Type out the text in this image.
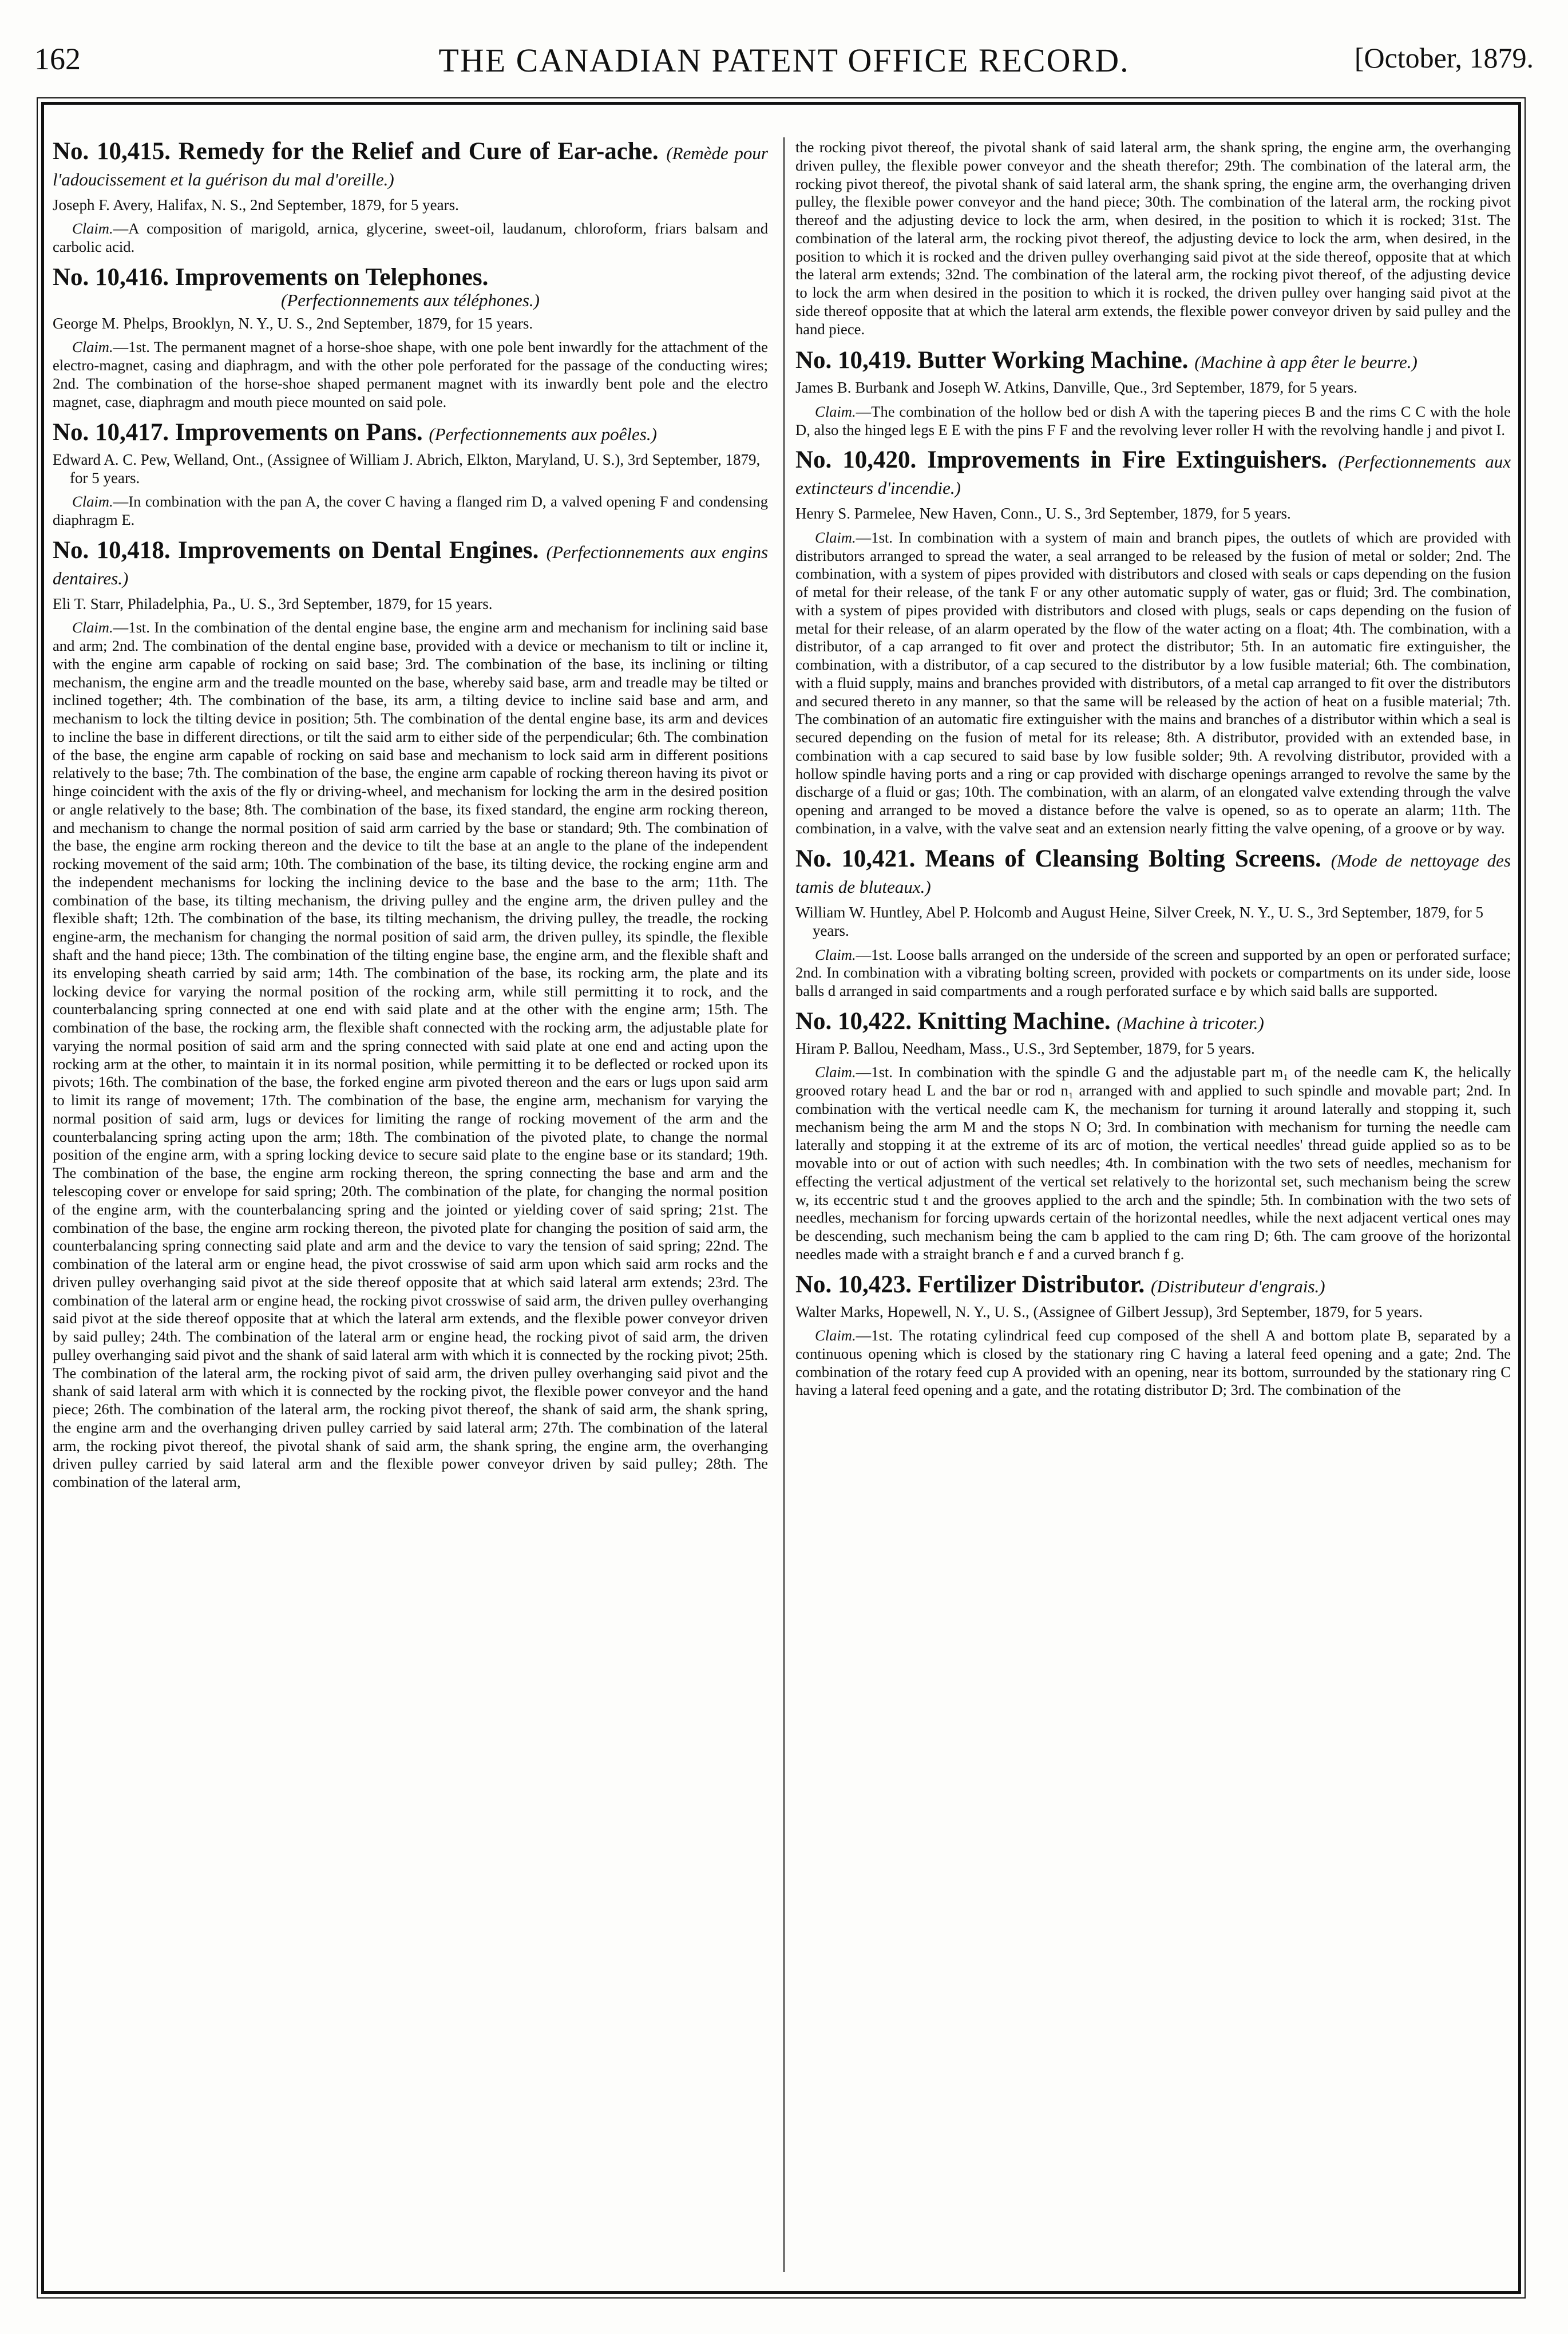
162	THE CANADIAN PATENT OFFICE RECORD.	[October, 1879.
No. 10,415. Remedy for the Relief and Cure of Ear-ache. (Remède pour l'adoucissement et la guérison du mal d'oreille.)
Joseph F. Avery, Halifax, N. S., 2nd September, 1879, for 5 years.
Claim.—A composition of marigold, arnica, glycerine, sweet-oil, laudanum, chloroform, friars balsam and carbolic acid.
No. 10,416. Improvements on Telephones.

(Perfectionnements aux téléphones.)
George M. Phelps, Brooklyn, N. Y., U. S., 2nd September, 1879, for 15 years.
Claim.—1st. The permanent magnet of a horse-shoe shape, with one pole bent inwardly for the attachment of the electro-magnet, casing and diaphragm, and with the other pole perforated for the passage of the conducting wires; 2nd. The combination of the horse-shoe shaped permanent magnet with its inwardly bent pole and the electro magnet, case, diaphragm and mouth piece mounted on said pole.
No. 10,417. Improvements on Pans. (Perfectionnements aux poêles.)
Edward A. C. Pew, Welland, Ont., (Assignee of William J. Abrich, Elkton, Maryland, U. S.), 3rd September, 1879, for 5 years.
Claim.—In combination with the pan A, the cover C having a flanged rim D, a valved opening F and condensing diaphragm E.
No. 10,418. Improvements on Dental Engines. (Perfectionnements aux engins dentaires.)
Eli T. Starr, Philadelphia, Pa., U. S., 3rd September, 1879, for 15 years.
Claim.—1st. In the combination of the dental engine base, the engine arm and mechanism for inclining said base and arm; 2nd. The combination of the dental engine base, provided with a device or mechanism to tilt or incline it, with the engine arm capable of rocking on said base; 3rd. The combination of the base, its inclining or tilting mechanism, the engine arm and the treadle mounted on the base, whereby said base, arm and treadle may be tilted or inclined together; 4th. The combination of the base, its arm, a tilting device to incline said base and arm, and mechanism to lock the tilting device in position; 5th. The combination of the dental engine base, its arm and devices to incline the base in different directions, or tilt the said arm to either side of the perpendicular; 6th. The combination of the base, the engine arm capable of rocking on said base and mechanism to lock said arm in different positions relatively to the base; 7th. The combination of the base, the engine arm capable of rocking thereon having its pivot or hinge coincident with the axis of the fly or driving-wheel, and mechanism for locking the arm in the desired position or angle relatively to the base; 8th. The combination of the base, its fixed standard, the engine arm rocking thereon, and mechanism to change the normal position of said arm carried by the base or standard; 9th. The combination of the base, the engine arm rocking thereon and the device to tilt the base at an angle to the plane of the independent rocking movement of the said arm; 10th. The combination of the base, its tilting device, the rocking engine arm and the independent mechanisms for locking the inclining device to the base and the base to the arm; 11th. The combination of the base, its tilting mechanism, the driving pulley and the engine arm, the driven pulley and the flexible shaft; 12th. The combination of the base, its tilting mechanism, the driving pulley, the treadle, the rocking engine-arm, the mechanism for changing the normal position of said arm, the driven pulley, its spindle, the flexible shaft and the hand piece; 13th. The combination of the tilting engine base, the engine arm, and the flexible shaft and its enveloping sheath carried by said arm; 14th. The combination of the base, its rocking arm, the plate and its locking device for varying the normal position of the rocking arm, while still permitting it to rock, and the counterbalancing spring connected at one end with said plate and at the other with the engine arm; 15th. The combination of the base, the rocking arm, the flexible shaft connected with the rocking arm, the adjustable plate for varying the normal position of said arm and the spring connected with said plate at one end and acting upon the rocking arm at the other, to maintain it in its normal position, while permitting it to be deflected or rocked upon its pivots; 16th. The combination of the base, the forked engine arm pivoted thereon and the ears or lugs upon said arm to limit its range of movement; 17th. The combination of the base, the engine arm, mechanism for varying the normal position of said arm, lugs or devices for limiting the range of rocking movement of the arm and the counterbalancing spring acting upon the arm; 18th. The combination of the pivoted plate, to change the normal position of the engine arm, with a spring locking device to secure said plate to the engine base or its standard; 19th. The combination of the base, the engine arm rocking thereon, the spring connecting the base and arm and the telescoping cover or envelope for said spring; 20th. The combination of the plate, for changing the normal position of the engine arm, with the counterbalancing spring and the jointed or yielding cover of said spring; 21st. The combination of the base, the engine arm rocking thereon, the pivoted plate for changing the position of said arm, the counterbalancing spring connecting said plate and arm and the device to vary the tension of said spring; 22nd. The combination of the lateral arm or engine head, the pivot crosswise of said arm upon which said arm rocks and the driven pulley overhanging said pivot at the side thereof opposite that at which said lateral arm extends; 23rd. The combination of the lateral arm or engine head, the rocking pivot crosswise of said arm, the driven pulley overhanging said pivot at the side thereof opposite that at which the lateral arm extends, and the flexible power conveyor driven by said pulley; 24th. The combination of the lateral arm or engine head, the rocking pivot of said arm, the driven pulley overhanging said pivot and the shank of said lateral arm with which it is connected by the rocking pivot; 25th. The combination of the lateral arm, the rocking pivot of said arm, the driven pulley overhanging said pivot and the shank of said lateral arm with which it is connected by the rocking pivot, the flexible power conveyor and the hand piece; 26th. The combination of the lateral arm, the rocking pivot thereof, the shank of said arm, the shank spring, the engine arm and the overhanging driven pulley carried by said lateral arm; 27th. The combination of the lateral arm, the rocking pivot thereof, the pivotal shank of said arm, the shank spring, the engine arm, the overhanging driven pulley carried by said lateral arm and the flexible power conveyor driven by said pulley; 28th. The combination of the lateral arm,
the rocking pivot thereof, the pivotal shank of said lateral arm, the shank spring, the engine arm, the overhanging driven pulley, the flexible power conveyor and the sheath therefor; 29th. The combination of the lateral arm, the rocking pivot thereof, the pivotal shank of said lateral arm, the shank spring, the engine arm, the overhanging driven pulley, the flexible power conveyor and the hand piece; 30th. The combination of the lateral arm, the rocking pivot thereof and the adjusting device to lock the arm, when desired, in the position to which it is rocked; 31st. The combination of the lateral arm, the rocking pivot thereof, the adjusting device to lock the arm, when desired, in the position to which it is rocked and the driven pulley overhanging said pivot at the side thereof, opposite that at which the lateral arm extends; 32nd. The combination of the lateral arm, the rocking pivot thereof, of the adjusting device to lock the arm when desired in the position to which it is rocked, the driven pulley over hanging said pivot at the side thereof opposite that at which the lateral arm extends, the flexible power conveyor driven by said pulley and the hand piece.
No. 10,419. Butter Working Machine. (Machine à app êter le beurre.)
James B. Burbank and Joseph W. Atkins, Danville, Que., 3rd September, 1879, for 5 years.
Claim.—The combination of the hollow bed or dish A with the tapering pieces B and the rims C C with the hole D, also the hinged legs E E with the pins F F and the revolving lever roller H with the revolving handle j and pivot I.
No. 10,420. Improvements in Fire Extinguishers. (Perfectionnements aux extincteurs d'incendie.)
Henry S. Parmelee, New Haven, Conn., U. S., 3rd September, 1879, for 5 years.
Claim.—1st. In combination with a system of main and branch pipes, the outlets of which are provided with distributors arranged to spread the water, a seal arranged to be released by the fusion of metal or solder; 2nd. The combination, with a system of pipes provided with distributors and closed with seals or caps depending on the fusion of metal for their release, of the tank F or any other automatic supply of water, gas or fluid; 3rd. The combination, with a system of pipes provided with distributors and closed with plugs, seals or caps depending on the fusion of metal for their release, of an alarm operated by the flow of the water acting on a float; 4th. The combination, with a distributor, of a cap arranged to fit over and protect the distributor; 5th. In an automatic fire extinguisher, the combination, with a distributor, of a cap secured to the distributor by a low fusible material; 6th. The combination, with a fluid supply, mains and branches provided with distributors, of a metal cap arranged to fit over the distributors and secured thereto in any manner, so that the same will be released by the action of heat on a fusible material; 7th. The combination of an automatic fire extinguisher with the mains and branches of a distributor within which a seal is secured depending on the fusion of metal for its release; 8th. A distributor, provided with an extended base, in combination with a cap secured to said base by low fusible solder; 9th. A revolving distributor, provided with a hollow spindle having ports and a ring or cap provided with discharge openings arranged to revolve the same by the discharge of a fluid or gas; 10th. The combination, with an alarm, of an elongated valve extending through the valve opening and arranged to be moved a distance before the valve is opened, so as to operate an alarm; 11th. The combination, in a valve, with the valve seat and an extension nearly fitting the valve opening, of a groove or by way.
No. 10,421. Means of Cleansing Bolting Screens. (Mode de nettoyage des tamis de bluteaux.)
William W. Huntley, Abel P. Holcomb and August Heine, Silver Creek, N. Y., U. S., 3rd September, 1879, for 5 years.
Claim.—1st. Loose balls arranged on the underside of the screen and supported by an open or perforated surface; 2nd. In combination with a vibrating bolting screen, provided with pockets or compartments on its under side, loose balls d arranged in said compartments and a rough perforated surface e by which said balls are supported.
No. 10,422. Knitting Machine. (Machine à tricoter.)
Hiram P. Ballou, Needham, Mass., U.S., 3rd September, 1879, for 5 years.
Claim.—1st. In combination with the spindle G and the adjustable part m₁ of the needle cam K, the helically grooved rotary head L and the bar or rod n₁ arranged with and applied to such spindle and movable part; 2nd. In combination with the vertical needle cam K, the mechanism for turning it around laterally and stopping it, such mechanism being the arm M and the stops N O; 3rd. In combination with mechanism for turning the needle cam laterally and stopping it at the extreme of its arc of motion, the vertical needles' thread guide applied so as to be movable into or out of action with such needles; 4th. In combination with the two sets of needles, mechanism for effecting the vertical adjustment of the vertical set relatively to the horizontal set, such mechanism being the screw w, its eccentric stud t and the grooves applied to the arch and the spindle; 5th. In combination with the two sets of needles, mechanism for forcing upwards certain of the horizontal needles, while the next adjacent vertical ones may be descending, such mechanism being the cam b applied to the cam ring D; 6th. The cam groove of the horizontal needles made with a straight branch e f and a curved branch f g.
No. 10,423. Fertilizer Distributor. (Distributeur d'engrais.)
Walter Marks, Hopewell, N. Y., U. S., (Assignee of Gilbert Jessup), 3rd September, 1879, for 5 years.
Claim.—1st. The rotating cylindrical feed cup composed of the shell A and bottom plate B, separated by a continuous opening which is closed by the stationary ring C having a lateral feed opening and a gate; 2nd. The combination of the rotary feed cup A provided with an opening, near its bottom, surrounded by the stationary ring C having a lateral feed opening and a gate, and the rotating distributor D; 3rd. The combination of the
